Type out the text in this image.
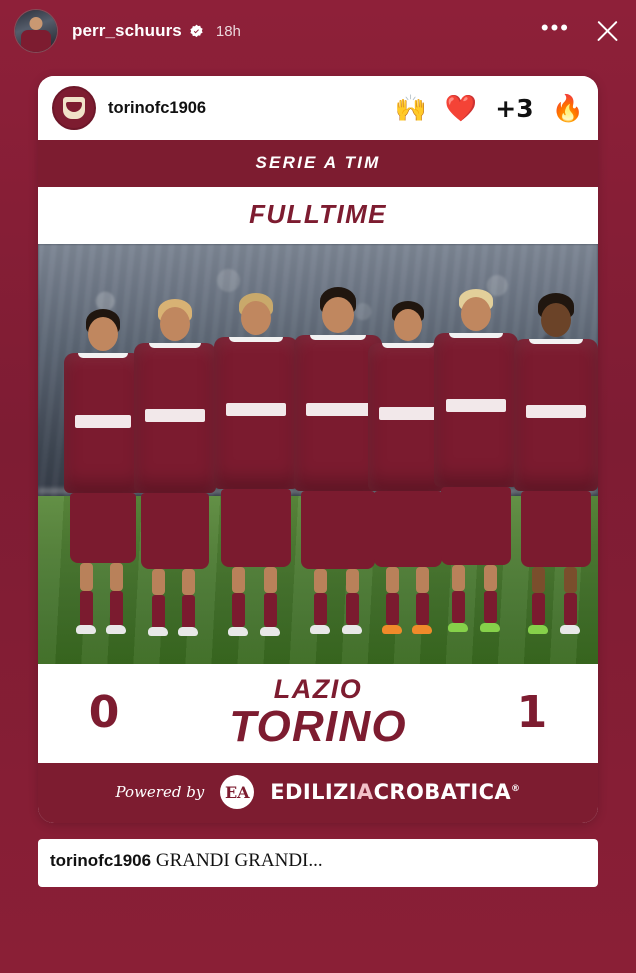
perr_schuurs 18h	•••
torinofc1906	🙌 ❤️ +3 🔥
SERIE A TIM
FULLTIME
0	LAZIO
TORINO	1
Powered by EA EDILIZIACROBATICA®
torinofc1906 GRANDI GRANDI...
